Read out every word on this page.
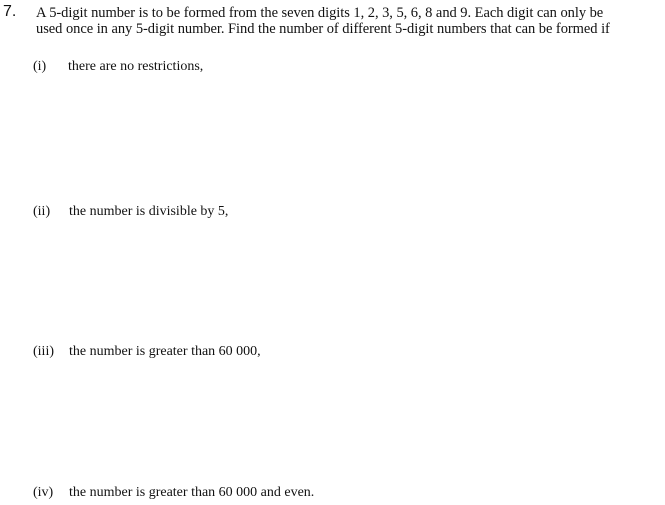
7. A 5-digit number is to be formed from the seven digits 1, 2, 3, 5, 6, 8 and 9. Each digit can only be
used once in any 5-digit number. Find the number of different 5-digit numbers that can be formed if
(i) there are no restrictions,
(ii) the number is divisible by 5,
(iii) the number is greater than 60 000,
(iv) the number is greater than 60 000 and even.
